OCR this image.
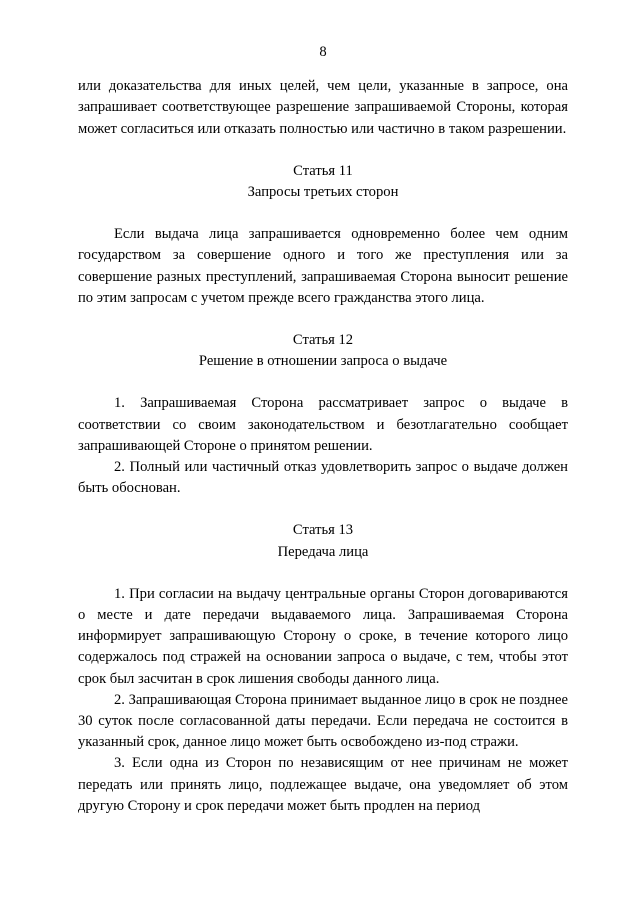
8

или доказательства для иных целей, чем цели, указанные в запросе, она запрашивает соответствующее разрешение запрашиваемой Стороны, которая может согласиться или отказать полностью или частично в таком разрешении.

Статья 11

Запросы третьих сторон

Если выдача лица запрашивается одновременно более чем одним государством за совершение одного и того же преступления или за совершение разных преступлений, запрашиваемая Сторона выносит решение по этим запросам с учетом прежде всего гражданства этого лица.

Статья 12

Решение в отношении запроса о выдаче

1. Запрашиваемая Сторона рассматривает запрос о выдаче в соответствии со своим законодательством и безотлагательно сообщает запрашивающей Стороне о принятом решении.

2. Полный или частичный отказ удовлетворить запрос о выдаче должен быть обоснован.

Статья 13

Передача лица

1. При согласии на выдачу центральные органы Сторон договариваются о месте и дате передачи выдаваемого лица. Запрашиваемая Сторона информирует запрашивающую Сторону о сроке, в течение которого лицо содержалось под стражей на основании запроса о выдаче, с тем, чтобы этот срок был засчитан в срок лишения свободы данного лица.

2. Запрашивающая Сторона принимает выданное лицо в срок не позднее 30 суток после согласованной даты передачи. Если передача не состоится в указанный срок, данное лицо может быть освобождено из-под стражи.

3. Если одна из Сторон по независящим от нее причинам не может передать или принять лицо, подлежащее выдаче, она уведомляет об этом другую Сторону и срок передачи может быть продлен на период
